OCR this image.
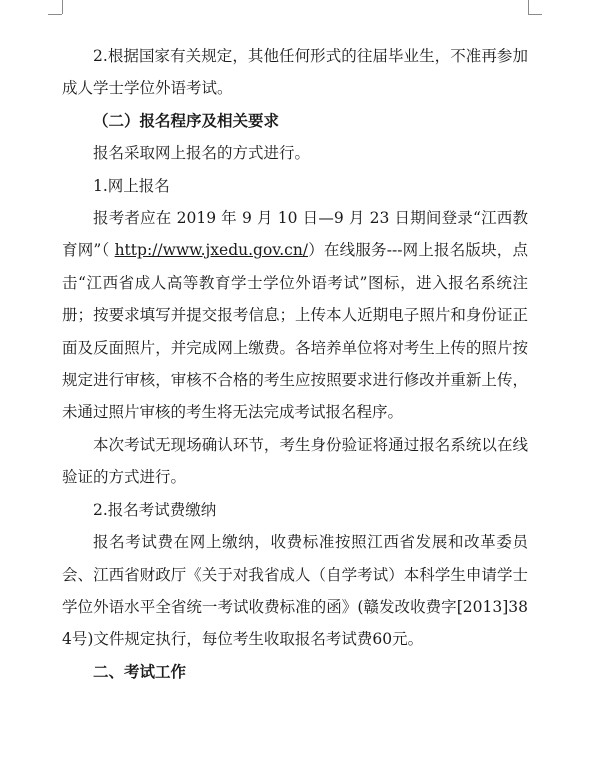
2.根据国家有关规定，其他任何形式的往届毕业生，不准再参加成人学士学位外语考试。

（二）报名程序及相关要求

报名采取网上报名的方式进行。

1.网上报名

报考者应在 2019 年 9 月 10 日—9 月 23 日期间登录“江西教育网”（ http://www.jxedu.gov.cn/）在线服务---网上报名版块，点击“江西省成人高等教育学士学位外语考试”图标，进入报名系统注册；按要求填写并提交报考信息；上传本人近期电子照片和身份证正面及反面照片，并完成网上缴费。各培养单位将对考生上传的照片按规定进行审核，审核不合格的考生应按照要求进行修改并重新上传，未通过照片审核的考生将无法完成考试报名程序。

本次考试无现场确认环节，考生身份验证将通过报名系统以在线验证的方式进行。

2.报名考试费缴纳

报名考试费在网上缴纳，收费标准按照江西省发展和改革委员会、江西省财政厅《关于对我省成人（自学考试）本科学生申请学士学位外语水平全省统一考试收费标准的函》(赣发改收费字[2013]384号)文件规定执行，每位考生收取报名考试费60元。

二、考试工作
